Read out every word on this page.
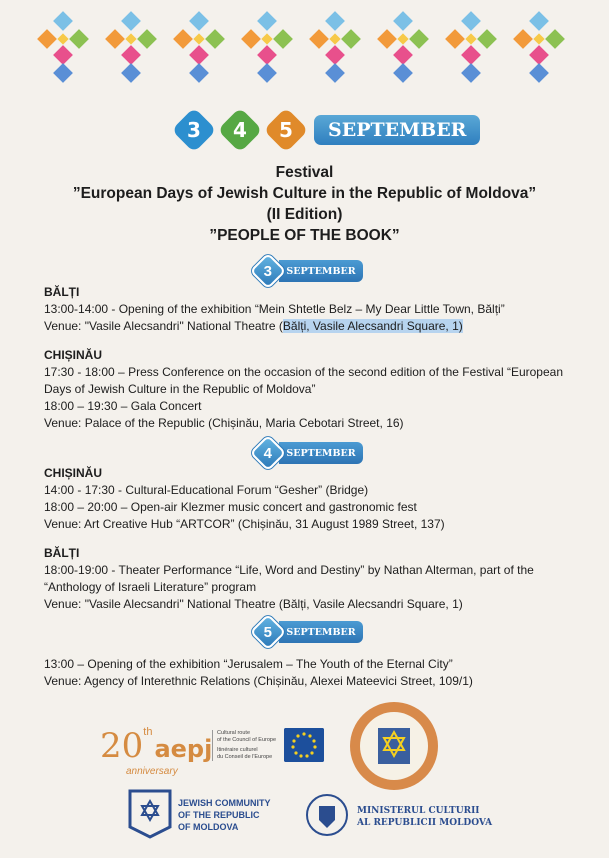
3 4 5	SEPTEMBER
Festival
”European Days of Jewish Culture in the Republic of Moldova”
(II Edition)
”PEOPLE OF THE BOOK”
3	SEPTEMBER
BĂLȚI
13:00-14:00 - Opening of the exhibition “Mein Shtetle Belz – My Dear Little Town, Bălți”
Venue: "Vasile Alecsandri" National Theatre (Bălți, Vasile Alecsandri Square, 1)
CHIȘINĂU
17:30 - 18:00 – Press Conference on the occasion of the second edition of the Festival “European
Days of Jewish Culture in the Republic of Moldova”
18:00 – 19:30 – Gala Concert
Venue: Palace of the Republic (Chișinău, Maria Cebotari Street, 16)
4	SEPTEMBER
CHIȘINĂU
14:00 - 17:30 - Cultural-Educational Forum “Gesher” (Bridge)
18:00 – 20:00 – Open-air Klezmer music concert and gastronomic fest
Venue: Art Creative Hub “ARTCOR” (Chișinău, 31 August 1989 Street, 137)
BĂLȚI
18:00-19:00 - Theater Performance “Life, Word and Destiny” by Nathan Alterman, part of the
“Anthology of Israeli Literature” program
Venue: "Vasile Alecsandri" National Theatre (Bălți, Vasile Alecsandri Square, 1)
5	SEPTEMBER
13:00 – Opening of the exhibition “Jerusalem – The Youth of the Eternal City”
Venue: Agency of Interethnic Relations (Chișinău, Alexei Mateevici Street, 109/1)
20thaepj
anniversary
Cultural route
of the Council of Europe
Itinéraire culturel
du Conseil de l'Europe
JEWISH COMMUNITY
OF THE REPUBLIC
OF MOLDOVA
MINISTERUL CULTURII
AL REPUBLICII MOLDOVA
